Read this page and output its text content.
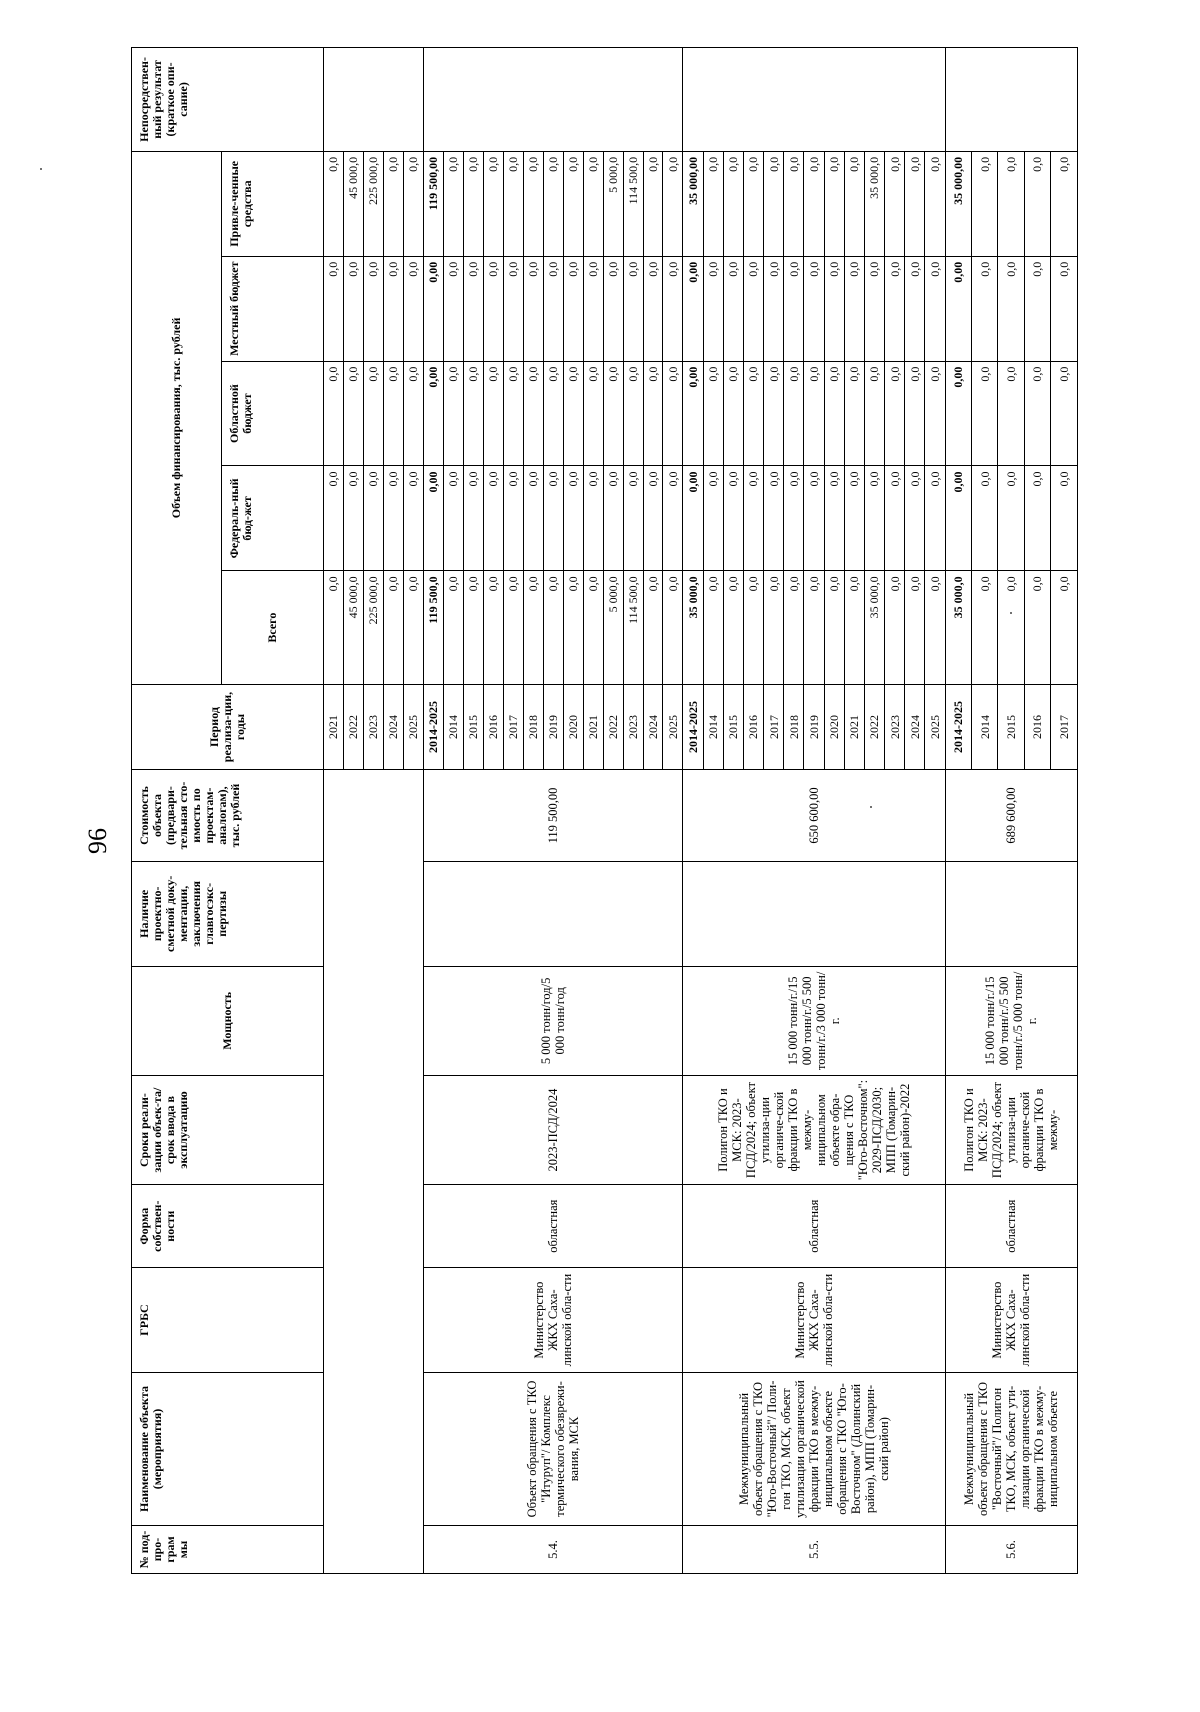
96
№ под-про-грам мы	Наименование объекта (мероприятия)	ГРБС	Форма собствен-ности	Сроки реали-зации объек-та/срок ввода в эксплуатацию	Мощность	Наличие проектно-сметной доку-ментации, заключения главгосэкс-пертизы	Стоимость объекта (предвари-тельная сто-имость по проектам-аналогам), тыс. рублей	Период реализа-ции, годы	Объем финансирования, тыс. рублей					Непосредствен-ный результат (краткое опи-сание)
									Всего	Федераль-ный бюд-жет	Областной бюджет	Местный бюджет	Привле-ченные средства	
								2021	0,0	0,0	0,0	0,0	0,0	
								2022	45 000,0	0,0	0,0	0,0	45 000,0	
								2023	225 000,0	0,0	0,0	0,0	225 000,0	
								2024	0,0	0,0	0,0	0,0	0,0	
								2025	0,0	0,0	0,0	0,0	0,0	
5.4.	Объект обращения с ТКО "Итуруп"/ Комплекс термического обезврежи-вания, МСК	Министерство ЖКХ Саха-линской обла-сти	областная	2023-ПСД/2024	5 000 тонн/год/5 000 тонн/год		119 500,00	2014-2025	119 500,0	0,00	0,00	0,00	119 500,00	
								2014	0,0	0,0	0,0	0,0	0,0	
								2015	0,0	0,0	0,0	0,0	0,0	
								2016	0,0	0,0	0,0	0,0	0,0	
								2017	0,0	0,0	0,0	0,0	0,0	
								2018	0,0	0,0	0,0	0,0	0,0	
								2019	0,0	0,0	0,0	0,0	0,0	
								2020	0,0	0,0	0,0	0,0	0,0	
								2021	0,0	0,0	0,0	0,0	0,0	
								2022	5 000,0	0,0	0,0	0,0	5 000,0	
								2023	114 500,0	0,0	0,0	0,0	114 500,0	
								2024	0,0	0,0	0,0	0,0	0,0	
								2025	0,0	0,0	0,0	0,0	0,0	
5.5.	Межмуниципальный объект обращения с ТКО "Юго-Восточный"/ Поли-гон ТКО, МСК, объект утилизации органической фракции ТКО в межму-ниципальном объекте обращения с ТКО "Юго-Восточном" (Долинский район), МПП (Томарин-ский район)	Министерство ЖКХ Саха-линской обла-сти	областная	Полигон ТКО и МСК: 2023-ПСД/2024; объект утилиза-ции органиче-ской фракции ТКО в межму-ниципальном объекте обра-щения с ТКО "Юго-Восточном": 2029-ПСД/2030; МПП (Томарин-ский район)-2022	15 000 тонн/г./15 000 тонн/г./5 500 тонн/г./3 000 тонн/г.		650 600,00	2014-2025	35 000,0	0,00	0,00	0,00	35 000,00	
								2014	0,0	0,0	0,0	0,0	0,0	
								2015	0,0	0,0	0,0	0,0	0,0	
								2016	0,0	0,0	0,0	0,0	0,0	
								2017	0,0	0,0	0,0	0,0	0,0	
								2018	0,0	0,0	0,0	0,0	0,0	
								2019	0,0	0,0	0,0	0,0	0,0	
								2020	0,0	0,0	0,0	0,0	0,0	
								2021	0,0	0,0	0,0	0,0	0,0	
								2022	35 000,0	0,0	0,0	0,0	35 000,0	
								2023	0,0	0,0	0,0	0,0	0,0	
								2024	0,0	0,0	0,0	0,0	0,0	
								2025	0,0	0,0	0,0	0,0	0,0	
5.6.	Межмуниципальный объект обращения с ТКО "Восточный"/ Полигон ТКО, МСК, объект ути-лизации органической фракции ТКО в межму-ниципальном объекте	Министерство ЖКХ Саха-линской обла-сти	областная	Полигон ТКО и МСК: 2023-ПСД/2024; объект утилиза-ции органиче-ской фракции ТКО в межму-	15 000 тонн/г./15 000 тонн/г./5 500 тонн/г./5 000 тонн/г.		689 600,00	2014-2025	35 000,0	0,00	0,00	0,00	35 000,00	
								2014	0,0	0,0	0,0	0,0	0,0	
								2015	0,0	0,0	0,0	0,0	0,0	
								2016	0,0	0,0	0,0	0,0	0,0	
								2017	0,0	0,0	0,0	0,0	0,0	
